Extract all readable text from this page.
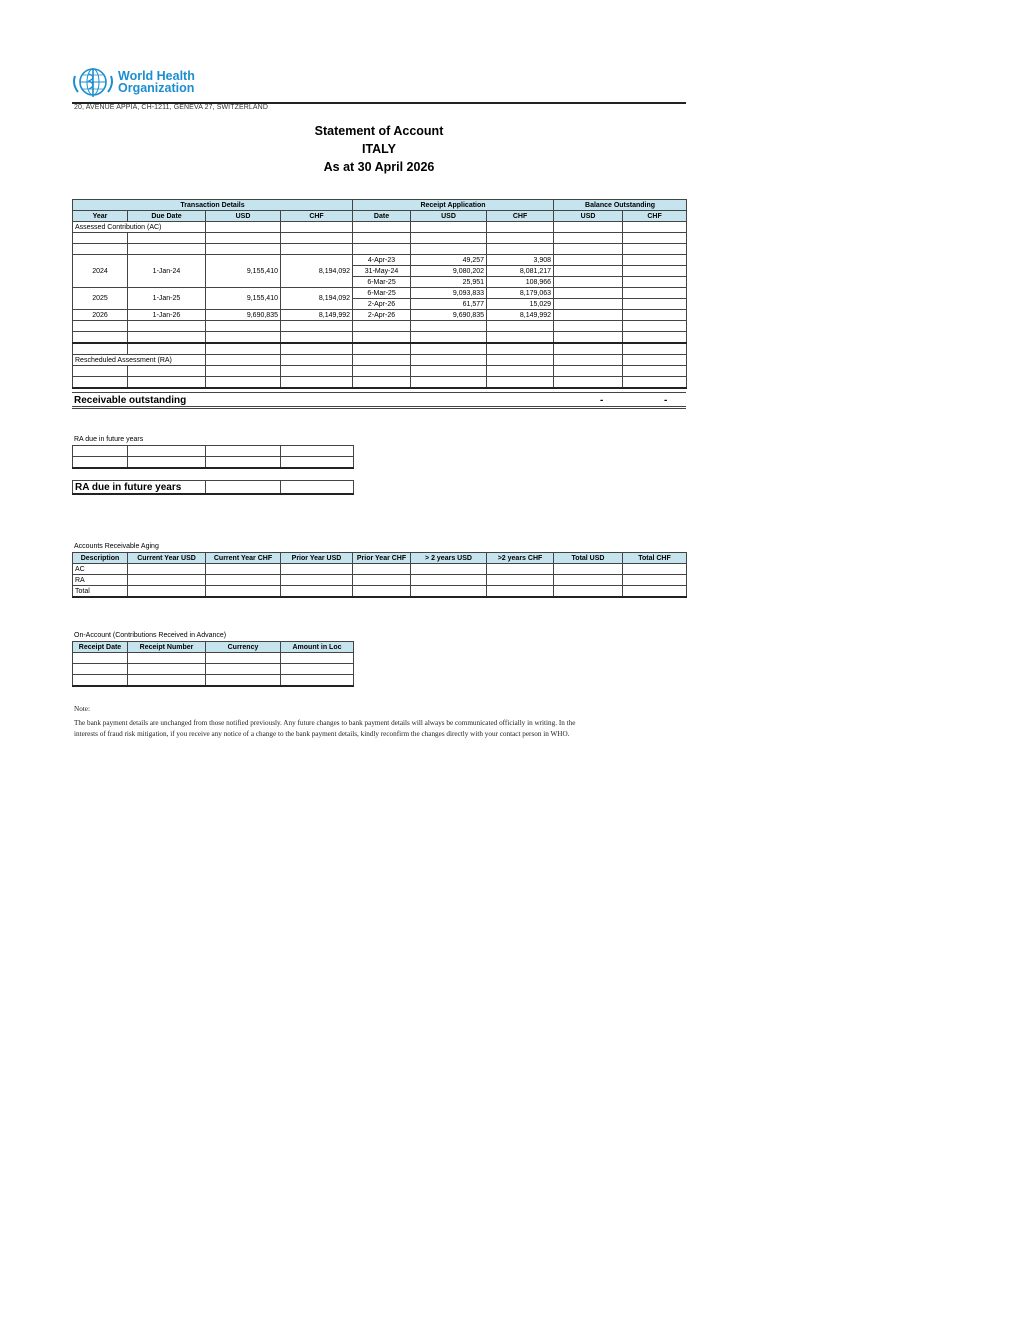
World Health
Organization
20, AVENUE APPIA, CH-1211, GENEVA 27, SWITZERLAND
Statement of Account
ITALY
As at 30 April 2026
Transaction Details				Receipt Application			Balance Outstanding	
Year	Due Date	USD	CHF	Date	USD	CHF	USD	CHF
Assessed Contribution (AC)								

2024	1-Jan-24	9,155,410	8,194,092	4-Apr-23	49,257	3,908		
				31-May-24	9,080,202	8,081,217		
				6-Mar-25	25,951	108,966		
2025	1-Jan-25	9,155,410	8,194,092	6-Mar-25	9,093,833	8,179,063		
				2-Apr-26	61,577	15,029		
2026	1-Jan-26	9,690,835	8,149,992	2-Apr-26	9,690,835	8,149,992		

Rescheduled Assessment (RA)								

Receivable outstanding	-	-
RA due in future years

RA due in future years		
Accounts Receivable Aging
Description	Current Year USD	Current Year CHF	Prior Year USD	Prior Year CHF	> 2 years USD	>2 years CHF	Total USD	Total CHF
AC								
RA								
Total								
On-Account (Contributions Received in Advance)
Receipt Date	Receipt Number	Currency	Amount in Loc

Note:
The bank payment details are unchanged from those notified previously. Any future changes to bank payment details will always be communicated officially in writing. In the
interests of fraud risk mitigation, if you receive any notice of a change to the bank payment details, kindly reconfirm the changes directly with your contact person in WHO.
